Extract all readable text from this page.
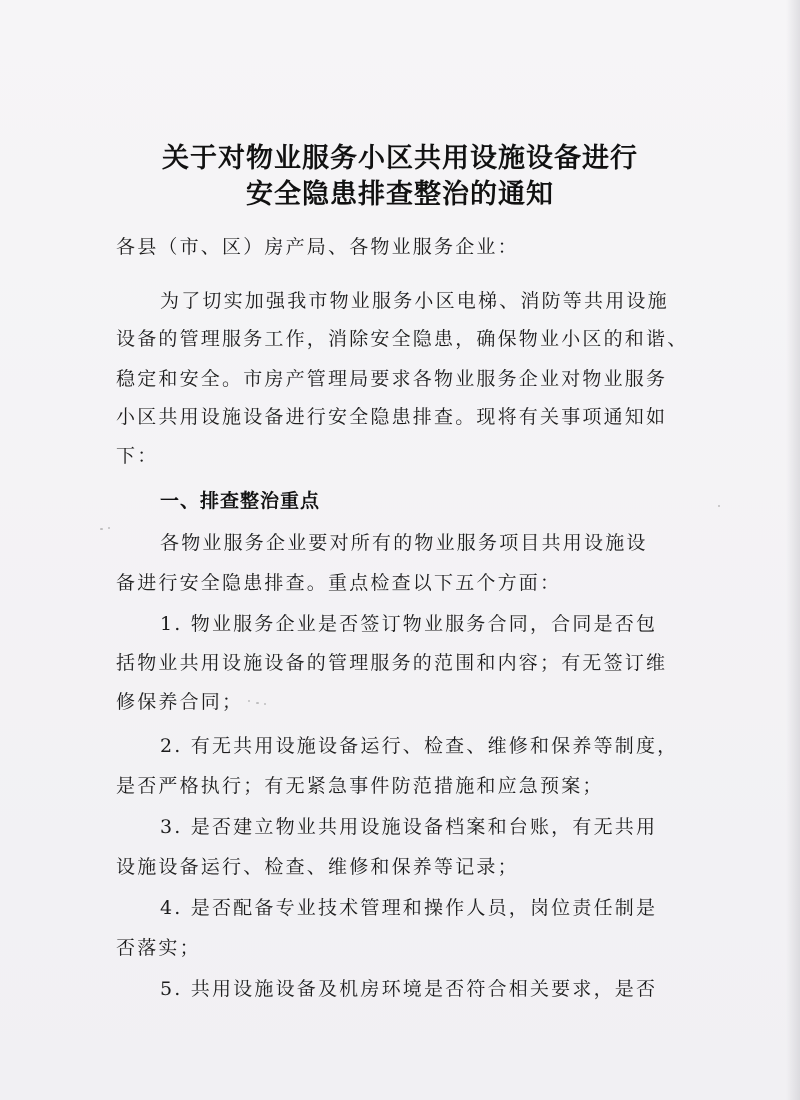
关于对物业服务小区共用设施设备进行
安全隐患排查整治的通知
各县（市、区）房产局、各物业服务企业：
为了切实加强我市物业服务小区电梯、消防等共用设施
设备的管理服务工作，消除安全隐患，确保物业小区的和谐、
稳定和安全。市房产管理局要求各物业服务企业对物业服务
小区共用设施设备进行安全隐患排查。现将有关事项通知如
下：
一、排查整治重点
各物业服务企业要对所有的物业服务项目共用设施设
备进行安全隐患排查。重点检查以下五个方面：
1. 物业服务企业是否签订物业服务合同，合同是否包
括物业共用设施设备的管理服务的范围和内容；有无签订维
修保养合同；
2. 有无共用设施设备运行、检查、维修和保养等制度，
是否严格执行；有无紧急事件防范措施和应急预案；
3. 是否建立物业共用设施设备档案和台账，有无共用
设施设备运行、检查、维修和保养等记录；
4. 是否配备专业技术管理和操作人员，岗位责任制是
否落实；
5. 共用设施设备及机房环境是否符合相关要求，是否
